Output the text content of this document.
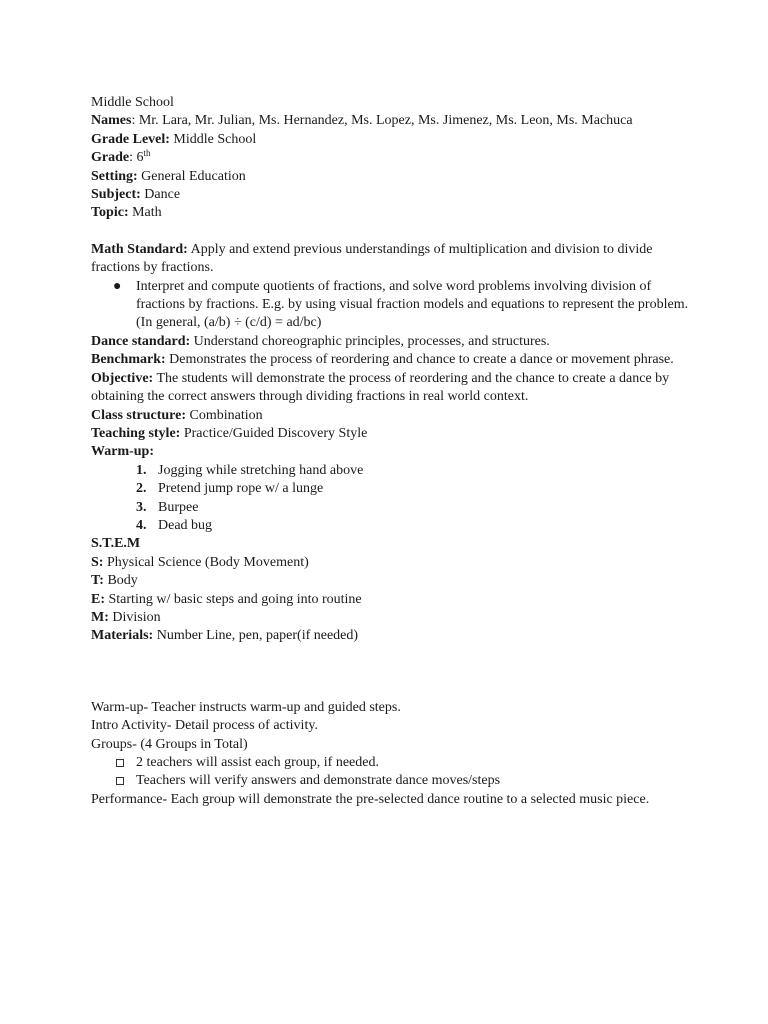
Middle School
Names: Mr. Lara, Mr. Julian, Ms. Hernandez, Ms. Lopez, Ms. Jimenez, Ms. Leon, Ms. Machuca
Grade Level: Middle School
Grade: 6th
Setting: General Education
Subject: Dance
Topic: Math
Math Standard: Apply and extend previous understandings of multiplication and division to divide fractions by fractions.
● Interpret and compute quotients of fractions, and solve word problems involving division of fractions by fractions. E.g. by using visual fraction models and equations to represent the problem.
(In general, (a/b) ÷ (c/d) = ad/bc)
Dance standard: Understand choreographic principles, processes, and structures.
Benchmark: Demonstrates the process of reordering and chance to create a dance or movement phrase.
Objective: The students will demonstrate the process of reordering and the chance to create a dance by obtaining the correct answers through dividing fractions in real world context.
Class structure: Combination
Teaching style: Practice/Guided Discovery Style
Warm-up:
1. Jogging while stretching hand above
2. Pretend jump rope w/ a lunge
3. Burpee
4. Dead bug
S.T.E.M
S: Physical Science (Body Movement)
T: Body
E: Starting w/ basic steps and going into routine
M: Division
Materials: Number Line, pen, paper(if needed)
Warm-up- Teacher instructs warm-up and guided steps.
Intro Activity- Detail process of activity.
Groups- (4 Groups in Total)
2 teachers will assist each group, if needed.
Teachers will verify answers and demonstrate dance moves/steps
Performance- Each group will demonstrate the pre-selected dance routine to a selected music piece.
